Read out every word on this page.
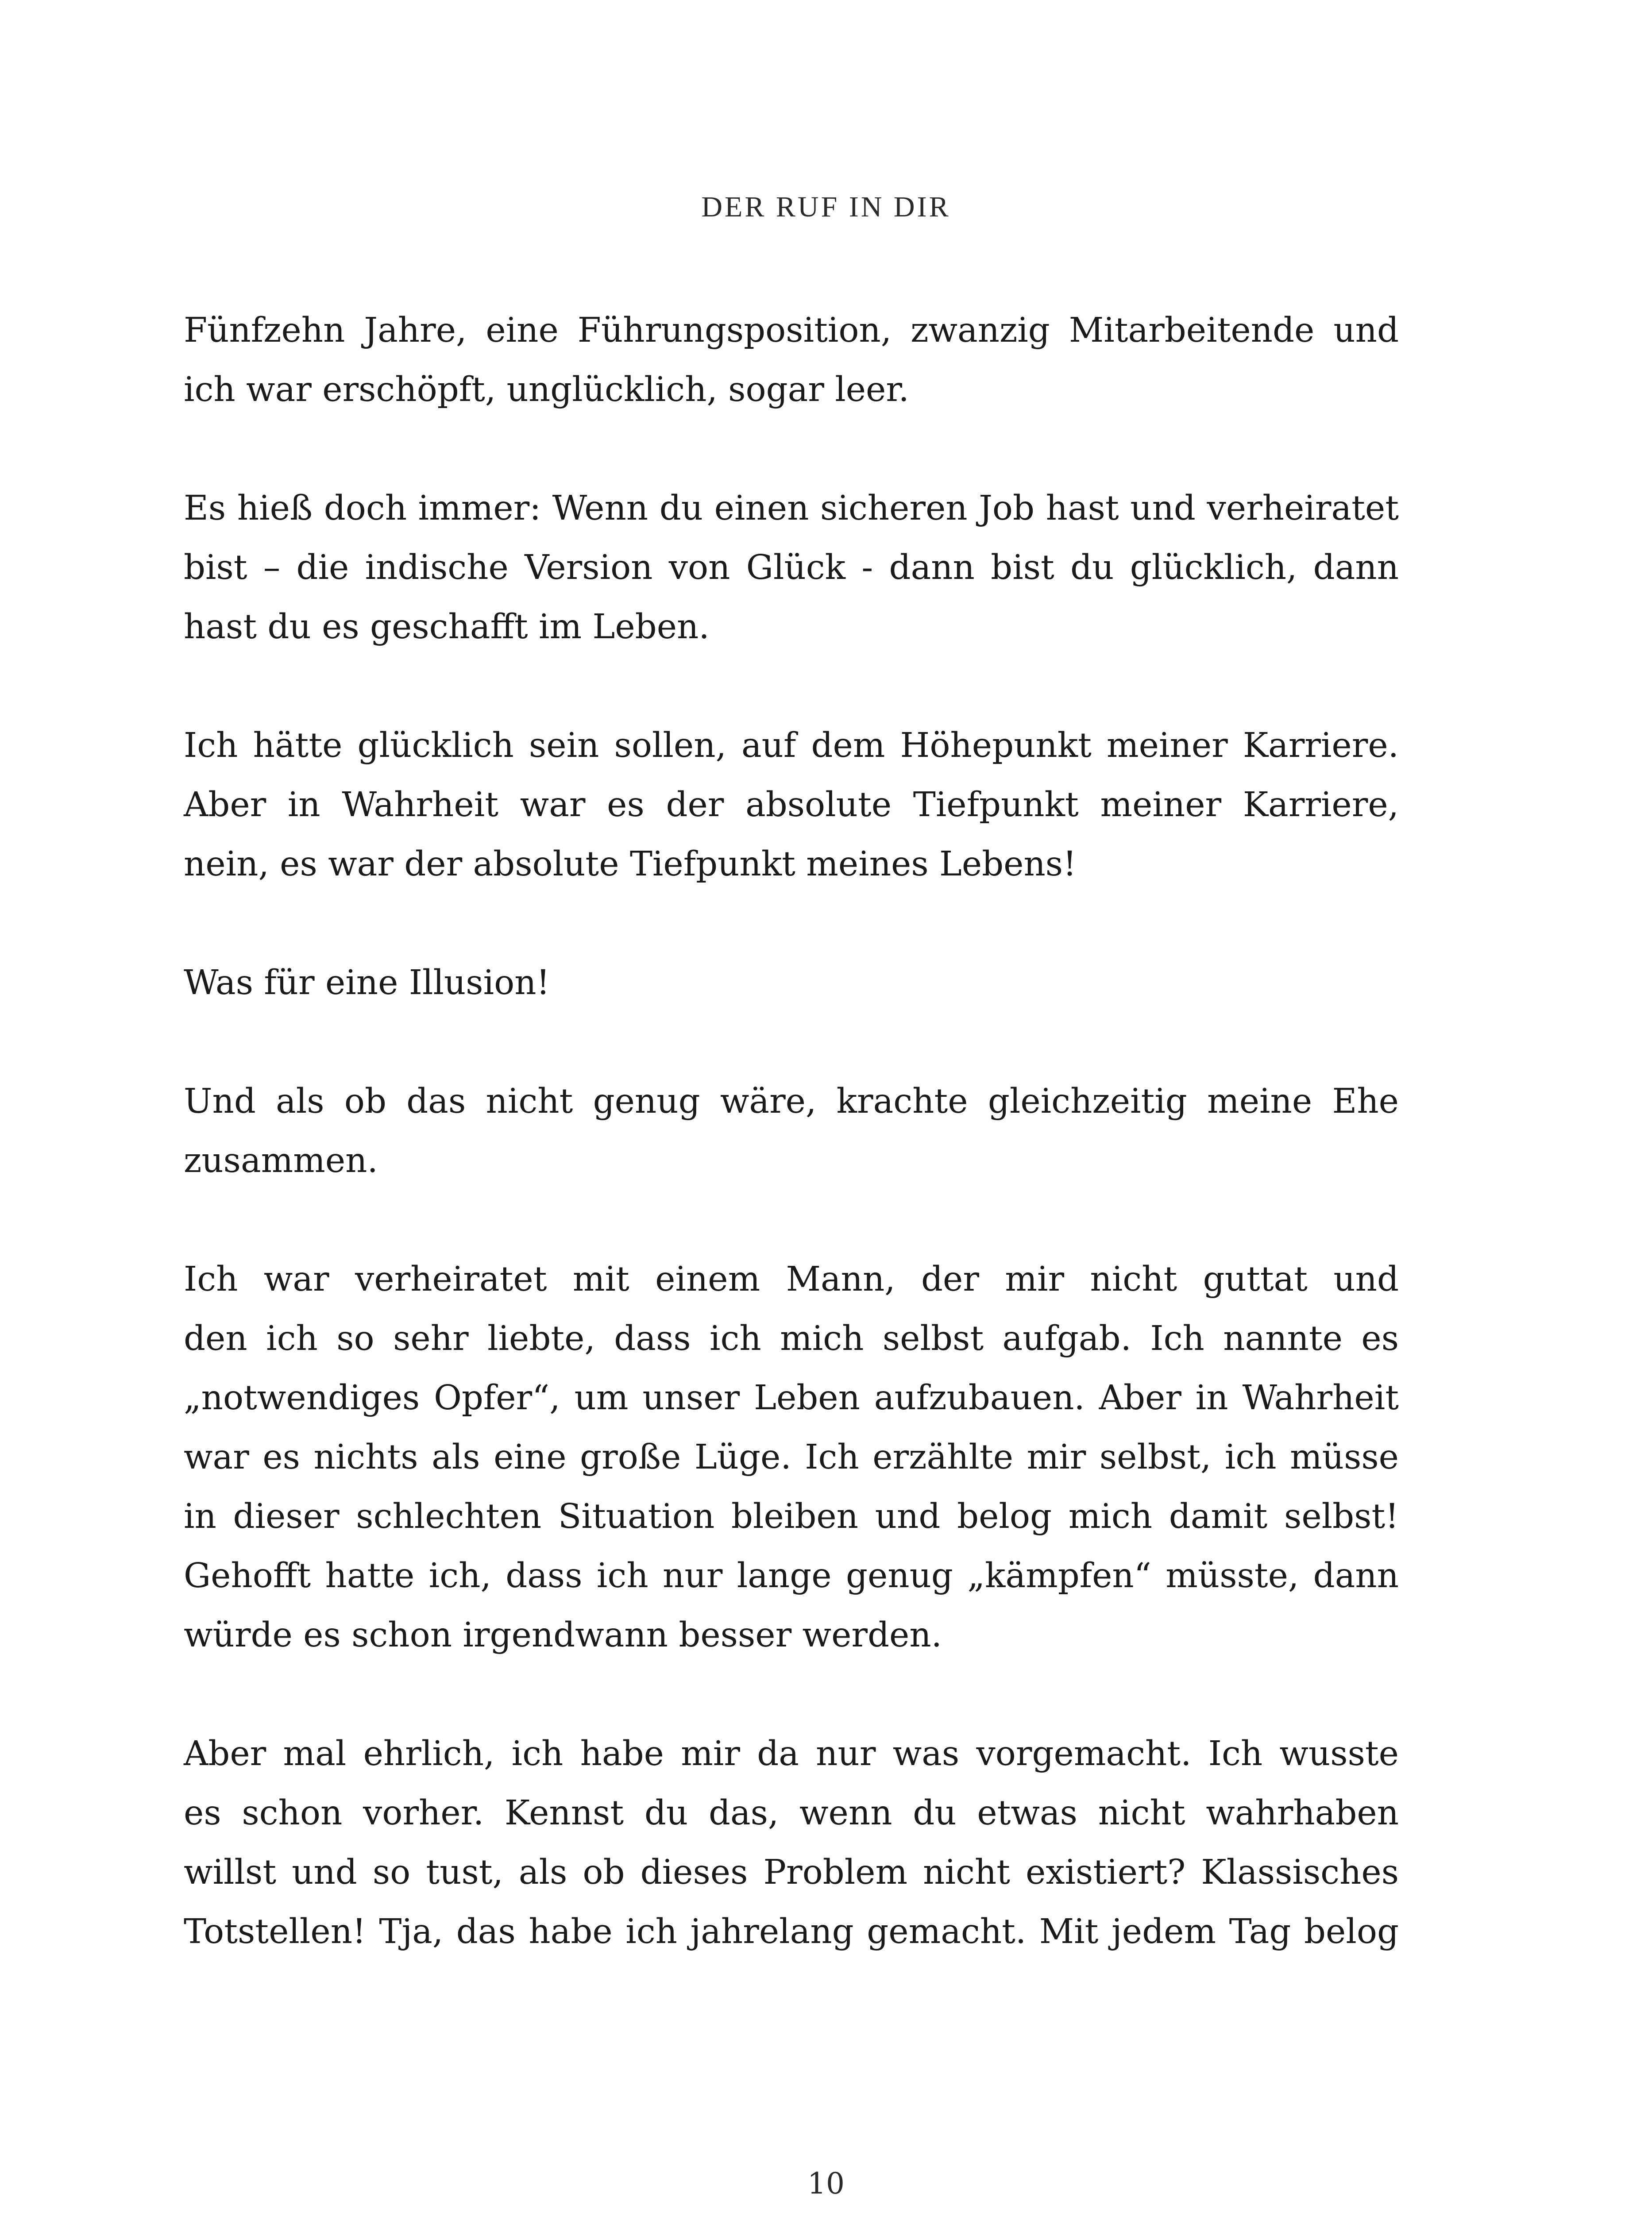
DER RUF IN DIR

Fünfzehn Jahre, eine Führungsposition, zwanzig Mitarbeitende und
ich war erschöpft, unglücklich, sogar leer.

Es hieß doch immer: Wenn du einen sicheren Job hast und verheiratet
bist – die indische Version von Glück - dann bist du glücklich, dann
hast du es geschafft im Leben.

Ich hätte glücklich sein sollen, auf dem Höhepunkt meiner Karriere.
Aber in Wahrheit war es der absolute Tiefpunkt meiner Karriere,
nein, es war der absolute Tiefpunkt meines Lebens!

Was für eine Illusion!

Und als ob das nicht genug wäre, krachte gleichzeitig meine Ehe
zusammen.

Ich war verheiratet mit einem Mann, der mir nicht guttat und
den ich so sehr liebte, dass ich mich selbst aufgab. Ich nannte es
„notwendiges Opfer“, um unser Leben aufzubauen. Aber in Wahrheit
war es nichts als eine große Lüge. Ich erzählte mir selbst, ich müsse
in dieser schlechten Situation bleiben und belog mich damit selbst!
Gehofft hatte ich, dass ich nur lange genug „kämpfen“ müsste, dann
würde es schon irgendwann besser werden.

Aber mal ehrlich, ich habe mir da nur was vorgemacht. Ich wusste
es schon vorher. Kennst du das, wenn du etwas nicht wahrhaben
willst und so tust, als ob dieses Problem nicht existiert? Klassisches
Totstellen! Tja, das habe ich jahrelang gemacht. Mit jedem Tag belog

10
